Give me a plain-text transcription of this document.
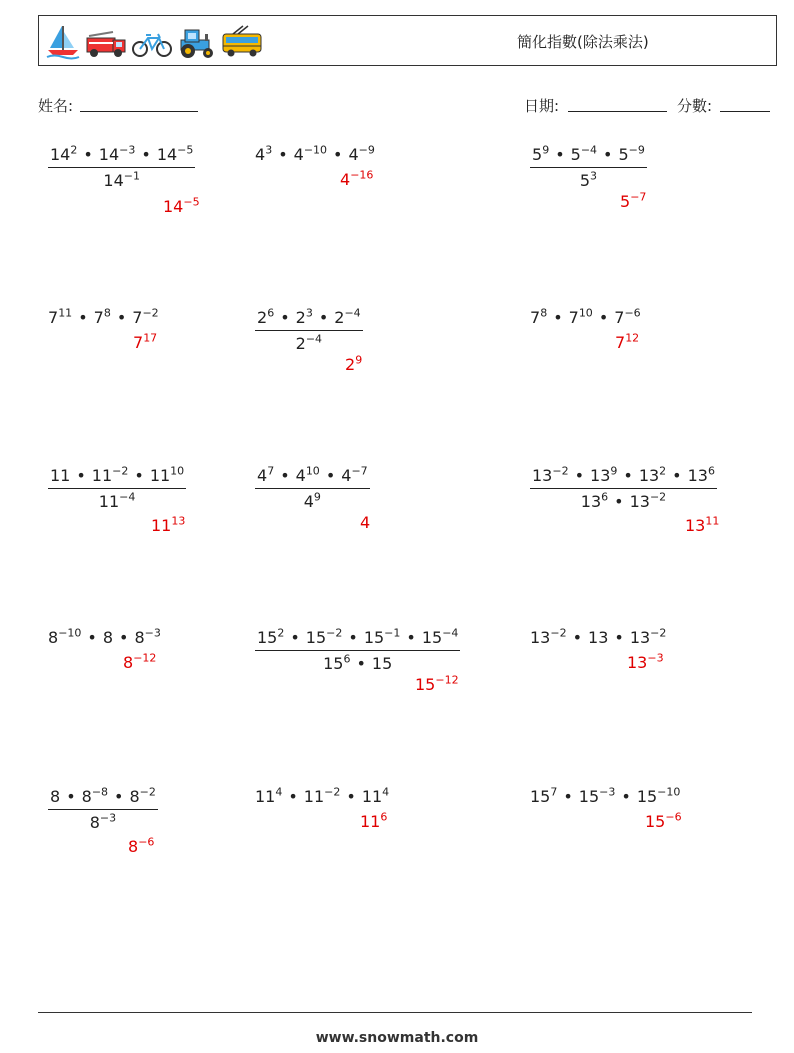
簡化指數(除法乘法)
姓名:	日期:	分數:
$\frac{14^2 • 14^{-3} • 14^{-5}}{14^{-1}}$
$14^{-5}$
$4^3$ • $4^{-10}$ • $4^{-9}$
$4^{-16}$	$\frac{5^9 • 5^{-4} • 5^{-9}}{5^3}$
$5^{-7}$
$7^{11}$ • $7^8$ • $7^{-2}$
$7^{17}$	$\frac{2^6 • 2^3 • 2^{-4}}{2^{-4}}$
$2^9$
$7^8$ • $7^{10}$ • $7^{-6}$
$7^{12}$
$\frac{11 • 11^{-2} • 11^{10}}{11^{-4}}$
$11^{13}$
$\frac{4^7 • 4^{10} • 4^{-7}}{4^9}$
4
$\frac{13^{-2} • 13^9 • 13^2 • 13^6}{13^6 • 13^{-2}}$
$13^{11}$
$8^{-10}$ • 8 • $8^{-3}$
$8^{-12}$	$\frac{15^2 • 15^{-2} • 15^{-1} • 15^{-4}}{15^6 • 15}$
$15^{-12}$
$13^{-2}$ • 13 • $13^{-2}$
$13^{-3}$
$\frac{8 • 8^{-8} • 8^{-2}}{8^{-3}}$
$8^{-6}$
$11^4$ • $11^{-2}$ • $11^4$
$11^6$
$15^7$ • $15^{-3}$ • $15^{-10}$
$15^{-6}$
www.snowmath.com
